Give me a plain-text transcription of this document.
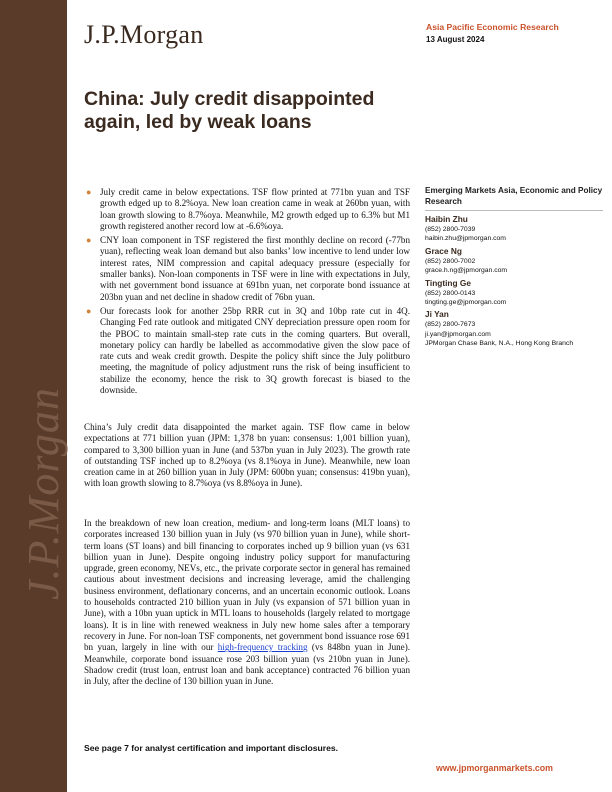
J.P.Morgan
J.P.Morgan	Asia Pacific Economic Research
13 August 2024
China: July credit disappointed again, led by weak loans
● July credit came in below expectations. TSF flow printed at 771bn yuan and TSF growth edged up to 8.2%oya. New loan creation came in weak at 260bn yuan, with loan growth slowing to 8.7%oya. Meanwhile, M2 growth edged up to 6.3% but M1 growth registered another record low at -6.6%oya.
● CNY loan component in TSF registered the first monthly decline on record (-77bn yuan), reflecting weak loan demand but also banks’ low incentive to lend under low interest rates, NIM compression and capital adequacy pressure (especially for smaller banks). Non-loan components in TSF were in line with expectations in July, with net government bond issuance at 691bn yuan, net corporate bond issuance at 203bn yuan and net decline in shadow credit of 76bn yuan.
● Our forecasts look for another 25bp RRR cut in 3Q and 10bp rate cut in 4Q. Changing Fed rate outlook and mitigated CNY depreciation pressure open room for the PBOC to maintain small-step rate cuts in the coming quarters. But overall, monetary policy can hardly be labelled as accommodative given the slow pace of rate cuts and weak credit growth. Despite the policy shift since the July politburo meeting, the magnitude of policy adjustment runs the risk of being insufficient to stabilize the economy, hence the risk to 3Q growth forecast is biased to the downside.

China’s July credit data disappointed the market again. TSF flow came in below expectations at 771 billion yuan (JPM: 1,378 bn yuan: consensus: 1,001 billion yuan), compared to 3,300 billion yuan in June (and 537bn yuan in July 2023). The growth rate of outstanding TSF inched up to 8.2%oya (vs 8.1%oya in June). Meanwhile, new loan creation came in at 260 billion yuan in July (JPM: 600bn yuan; consensus: 419bn yuan), with loan growth slowing to 8.7%oya (vs 8.8%oya in June).

In the breakdown of new loan creation, medium- and long-term loans (MLT loans) to corporates increased 130 billion yuan in July (vs 970 billion yuan in June), while short-term loans (ST loans) and bill financing to corporates inched up 9 billion yuan (vs 631 billion yuan in June). Despite ongoing industry policy support for manufacturing upgrade, green economy, NEVs, etc., the private corporate sector in general has remained cautious about investment decisions and increasing leverage, amid the challenging business environment, deflationary concerns, and an uncertain economic outlook. Loans to households contracted 210 billion yuan in July (vs expansion of 571 billion yuan in June), with a 10bn yuan uptick in MTL loans to households (largely related to mortgage loans). It is in line with renewed weakness in July new home sales after a temporary recovery in June. For non-loan TSF components, net government bond issuance rose 691 bn yuan, largely in line with our high-frequency tracking (vs 848bn yuan in June). Meanwhile, corporate bond issuance rose 203 billion yuan (vs 210bn yuan in June). Shadow credit (trust loan, entrust loan and bank acceptance) contracted 76 billion yuan in July, after the decline of 130 billion yuan in June.

Emerging Markets Asia, Economic and Policy Research
Haibin Zhu
(852) 2800-7039
haibin.zhu@jpmorgan.com
Grace Ng
(852) 2800-7002
grace.h.ng@jpmorgan.com
Tingting Ge
(852) 2800-0143
tingting.ge@jpmorgan.com
Ji Yan
(852) 2800-7673
ji.yan@jpmorgan.com
JPMorgan Chase Bank, N.A., Hong Kong Branch
See page 7 for analyst certification and important disclosures.
www.jpmorganmarkets.com
